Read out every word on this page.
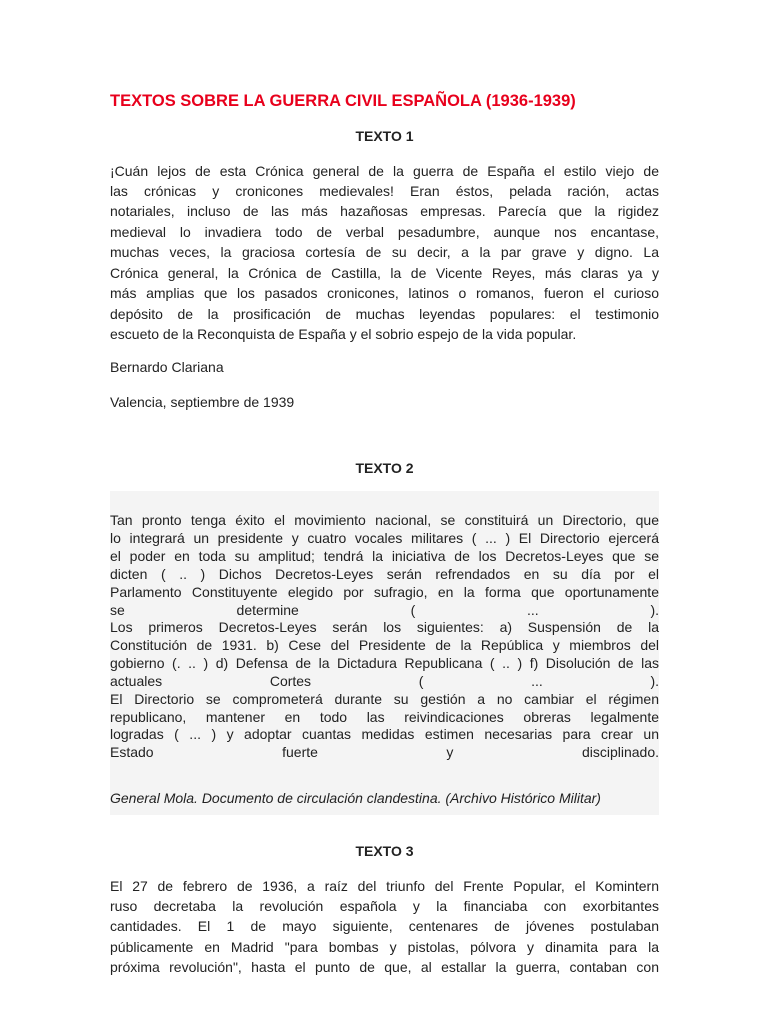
TEXTOS SOBRE LA GUERRA CIVIL ESPAÑOLA (1936-1939)
TEXTO 1

¡Cuán lejos de esta Crónica general de la guerra de España el estilo viejo de

las crónicas y cronicones medievales! Eran éstos, pelada ración, actas

notariales, incluso de las más hazañosas empresas. Parecía que la rigidez

medieval lo invadiera todo de verbal pesadumbre, aunque nos encantase,

muchas veces, la graciosa cortesía de su decir, a la par grave y digno. La

Crónica general, la Crónica de Castilla, la de Vicente Reyes, más claras ya y

más amplias que los pasados cronicones, latinos o romanos, fueron el curioso

depósito de la prosificación de muchas leyendas populares: el testimonio

escueto de la Reconquista de España y el sobrio espejo de la vida popular.

Bernardo Clariana

Valencia, septiembre de 1939

TEXTO 2

Tan pronto tenga éxito el movimiento nacional, se constituirá un Directorio, que

lo integrará un presidente y cuatro vocales militares ( ... ) El Directorio ejercerá

el poder en toda su amplitud; tendrá la iniciativa de los Decretos-Leyes que se

dicten ( .. ) Dichos Decretos-Leyes serán refrendados en su día por el

Parlamento Constituyente elegido por sufragio, en la forma que oportunamente

se determine ( ... ).

Los primeros Decretos-Leyes serán los siguientes: a) Suspensión de la

Constitución de 1931. b) Cese del Presidente de la República y miembros del

gobierno (. .. ) d) Defensa de la Dictadura Republicana ( .. ) f) Disolución de las

actuales Cortes ( ... ).

El Directorio se comprometerá durante su gestión a no cambiar el régimen

republicano, mantener en todo las reivindicaciones obreras legalmente

logradas ( ... ) y adoptar cuantas medidas estimen necesarias para crear un

Estado fuerte y disciplinado.

General Mola. Documento de circulación clandestina. (Archivo Histórico Militar)

TEXTO 3

El 27 de febrero de 1936, a raíz del triunfo del Frente Popular, el Komintern

ruso decretaba la revolución española y la financiaba con exorbitantes

cantidades. El 1 de mayo siguiente, centenares de jóvenes postulaban

públicamente en Madrid "para bombas y pistolas, pólvora y dinamita para la

próxima revolución", hasta el punto de que, al estallar la guerra, contaban con
